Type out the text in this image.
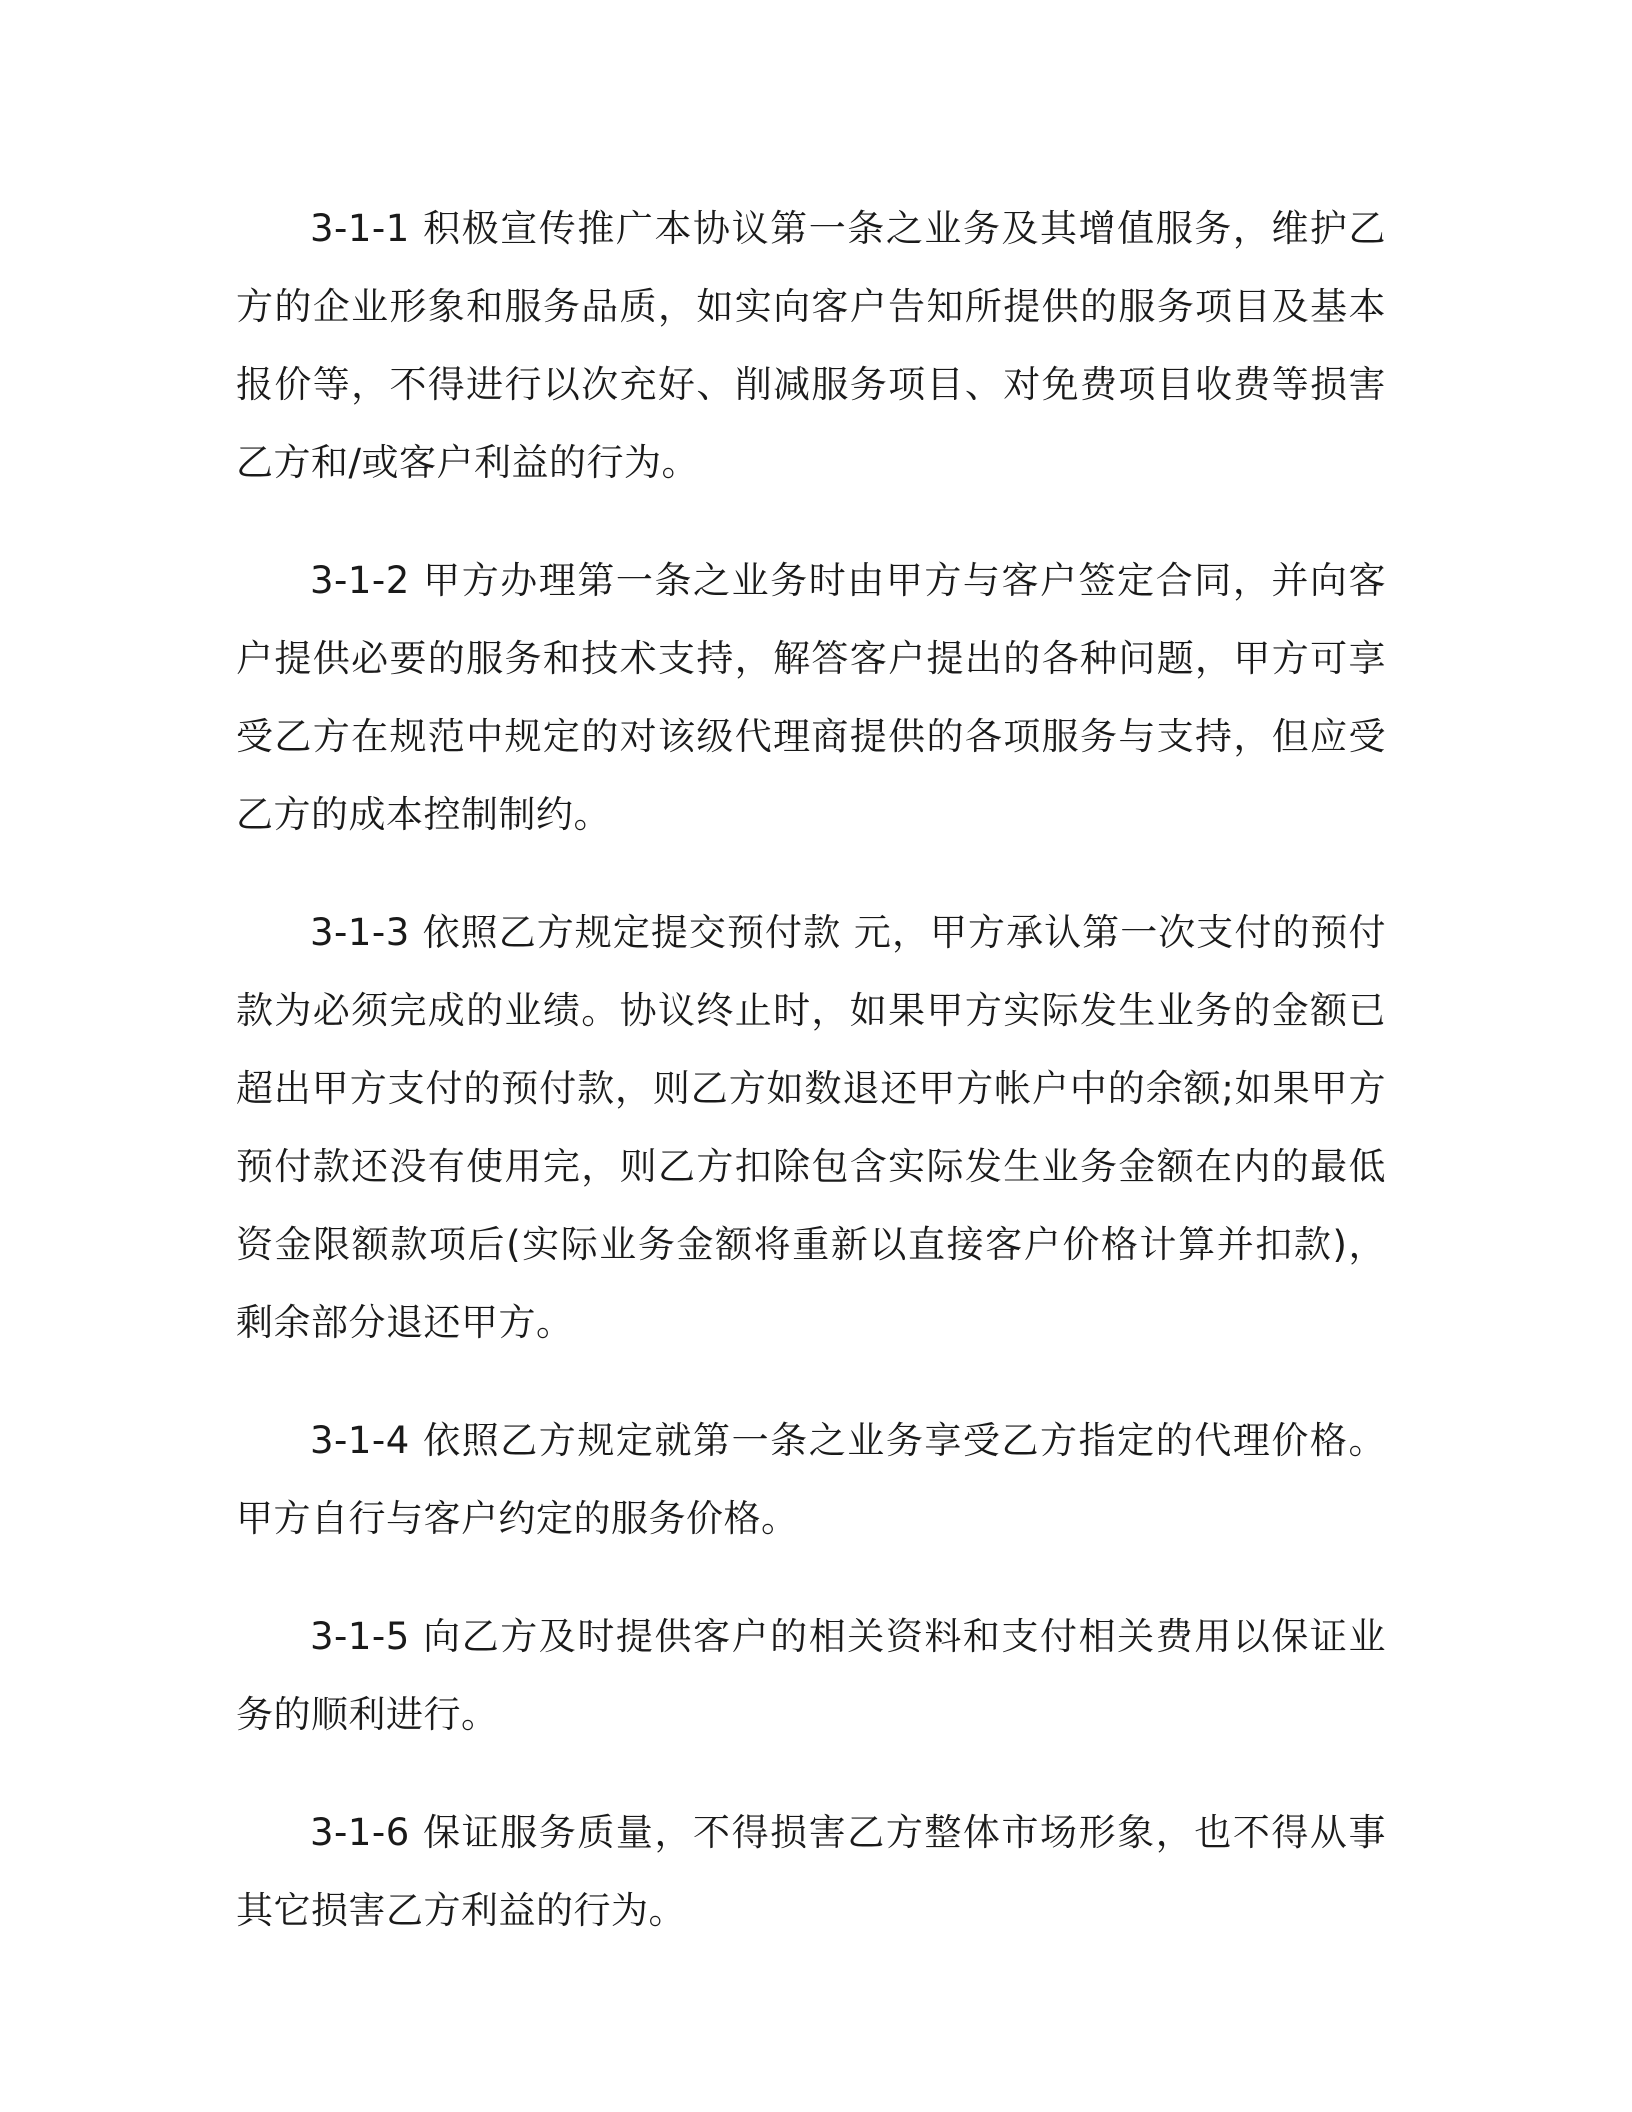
3-1-1 积极宣传推广本协议第一条之业务及其增值服务，维护乙方的企业形象和服务品质，如实向客户告知所提供的服务项目及基本报价等，不得进行以次充好、削减服务项目、对免费项目收费等损害乙方和/或客户利益的行为。

3-1-2 甲方办理第一条之业务时由甲方与客户签定合同，并向客户提供必要的服务和技术支持，解答客户提出的各种问题，甲方可享受乙方在规范中规定的对该级代理商提供的各项服务与支持，但应受乙方的成本控制制约。

3-1-3 依照乙方规定提交预付款 元，甲方承认第一次支付的预付款为必须完成的业绩。协议终止时，如果甲方实际发生业务的金额已超出甲方支付的预付款，则乙方如数退还甲方帐户中的余额;如果甲方预付款还没有使用完，则乙方扣除包含实际发生业务金额在内的最低资金限额款项后(实际业务金额将重新以直接客户价格计算并扣款)，剩余部分退还甲方。

3-1-4 依照乙方规定就第一条之业务享受乙方指定的代理价格。甲方自行与客户约定的服务价格。

3-1-5 向乙方及时提供客户的相关资料和支付相关费用以保证业务的顺利进行。

3-1-6 保证服务质量，不得损害乙方整体市场形象，也不得从事其它损害乙方利益的行为。
